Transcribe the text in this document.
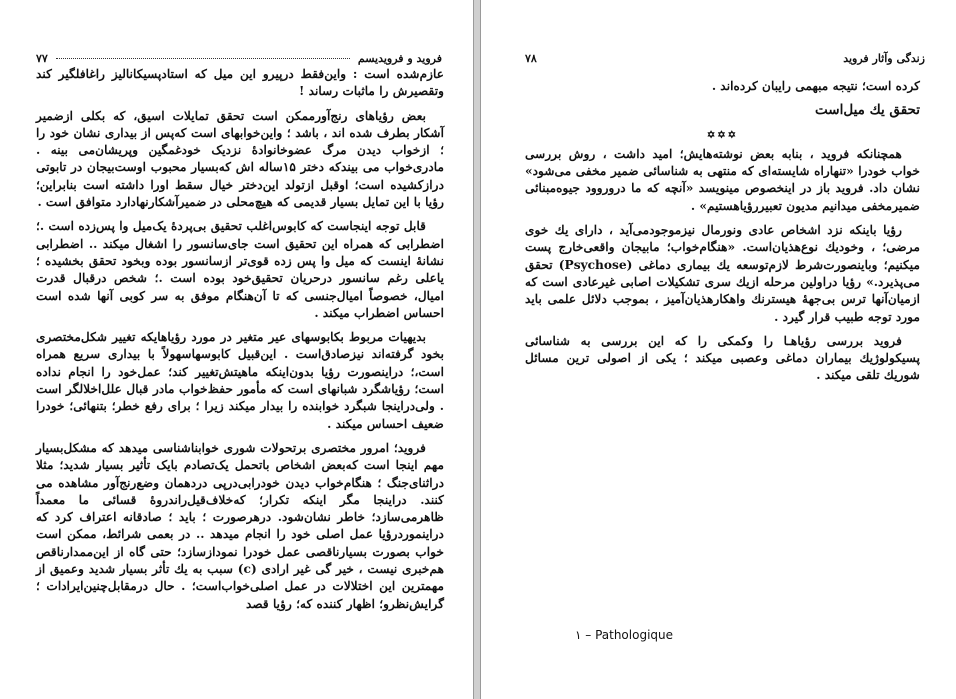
۷۷	فروید و فرویدیسم

عازم‌شده است : واین‌فقط درپیرو این میل که استادپسیکانالیز راغافلگیر کند وتقصیرش را ماثبات رساند !

بعض رؤیاهای رنج‌آورممکن است تحقق تمایلات اسیق، که بکلی ازضمیر آشکار بطرف شده اند ، باشد ؛ واین‌خوابهای است که‌پس از بیداری نشان خود را ؛ ازخواب دیدن مرگ عضوخانوادهٔ نزدیک خودغمگین وپریشان‌می بینه . مادری‌خواب می بیندکه دختر ۱۵ساله اش که‌بسیار محبوب اوست‌بیجان در تابوتی درازکشیده است؛ اوقبل ازتولد این‌دختر خیال سقط اورا داشته است بنابراین؛ رؤیا با این تمایل بسیار قدیمی که هیچ‌محلی در ضمیرآشکارنهادارد متوافق است .

قابل توجه اینجاست که کابوس‌اغلب تحقیق بی‌پردهٔ یک‌میل وا پس‌زده است .؛ اضطرابی که همراه این تحقیق است جای‌سانسور را اشغال میکند .. اضطرابی نشانهٔ اینست که میل وا پس زده قوی‌تر ازسانسور بوده وبخود تحقق بخشیده ؛ یاعلی رغم سانسور درحریان تحقیق‌خود بوده است .؛ شخص درقبال قدرت امیال، خصوصاً امیال‌جنسی که تا آن‌هنگام موفق به سر کوبی آنها شده است احساس اضطراب میکند .

بدیهیات مربوط بکابوسهای عیر متغیر در مورد رؤیاهایکه تغییر شکل‌مختصری بخود گرفته‌اند نیزصادق‌است . این‌قبیل کابوسهاسهولاً با بیداری سریع همراه است،؛ دراینصورت رؤیا بدون‌اینکه ماهیتش‌تغییر کند؛ عمل‌خود را انجام نداده است؛ رؤیاشگرد شبانهای است که مأمور حفظ‌خواب مادر قبال علل‌اخلالگر است . ولی‌دراینجا شبگرد خوابنده را بیدار میکند زیرا ؛ برای رفع خطر؛ بتنهائی؛ خودرا ضعیف احساس میکند .

فروید؛ امرور مختصری برتحولات شوری خوابناشناسی میدهد که مشکل‌بسیار مهم اینجا است که‌بعض اشخاص باتحمل یک‌تصادم بایک تأثیر بسیار شدید؛ مثلا در‌اثنای‌جنگ ؛ هنگام‌خواب دیدن خودرا‌بی‌درپی دردهمان وضع‌رنج‌آور مشاهده می کنند. در‌اینجا مگر اینکه تکرار؛ که‌خلاف‌قیل‌راندروهٔ قسائی ما معمداً ظاهرمی‌سازد؛ خاطر نشان‌شود. درهرصورت ؛ باید ؛ صادقانه اعتراف کرد که دراینمورد‌رؤیا عمل اصلی خود را انجام میدهد .. در بعمی شرائط، ممکن است خواب بصورت بسیارناقصی عمل خودرا نموداز‌سازد؛ حتی گاه از این‌ممدار‌ناقص هم‌خبری نیست ، خیر گی غیر ارادی (c) سبب به یك تأثر بسیار شدید وعمیق از مهمترین این اختلالات در عمل اصلی‌خواب‌است؛ . حال درمقابل‌چنین‌ایرادات ؛ گرایش‌نظرو؛ اظهار کننده که؛ رؤیا قصد

۷۸	زندگی وآثار فروید

کرده است؛ نتیجه مبهمی رایبان کرده‌اند .

تحقق یك میل‌است

✡✡✡

همچنانکه فروید ، بنابه بعض نوشته‌هایش؛ امید داشت ، روش بررسی خواب خودرا «تنهاراه شایسته‌ای که منتهی به شناسائی ضمیر مخفی می‌شود» نشان داد. فروید باز در اینخصوص مینویسد «آنچه که ما دروروود جیوه‌مبنائی ضمیرمخفی میدانیم مدیون تعبیر‌رؤیا‌هستیم» .

رؤیا باینکه نزد اشخاص عادی ونورمال نیزموجودمی‌آید ، دارای یك خوی مرضی؛ ، وخودیك نوع‌هذیان‌است. «هنگام‌خواب؛ مابیجان واقعی‌خارج پست میکنیم؛ وباینصورت‌شرط لازم‌توسعه یك بیماری دماغی (Psychose) تحقق می‌پذیرد.» رؤیا دراولین مرحله ازیك سری تشکیلات اصابی غیرعادی است که ازمیان‌آنها ترس بی‌جههٔ هیسترنك واهکار‌هذیان‌آمیز ، بموجب دلائل علمی باید مورد توجه طبیب قرار گیرد .

فروید بررسی رؤیاهـا را وکمکی را که این بررسی به شناسائی پسیکولوژیك بیماران دماغی وعصبی میکند ؛ یکی از اصولی ترین مسائل شوریك تلقی میکند .

۱ – Pathologique
